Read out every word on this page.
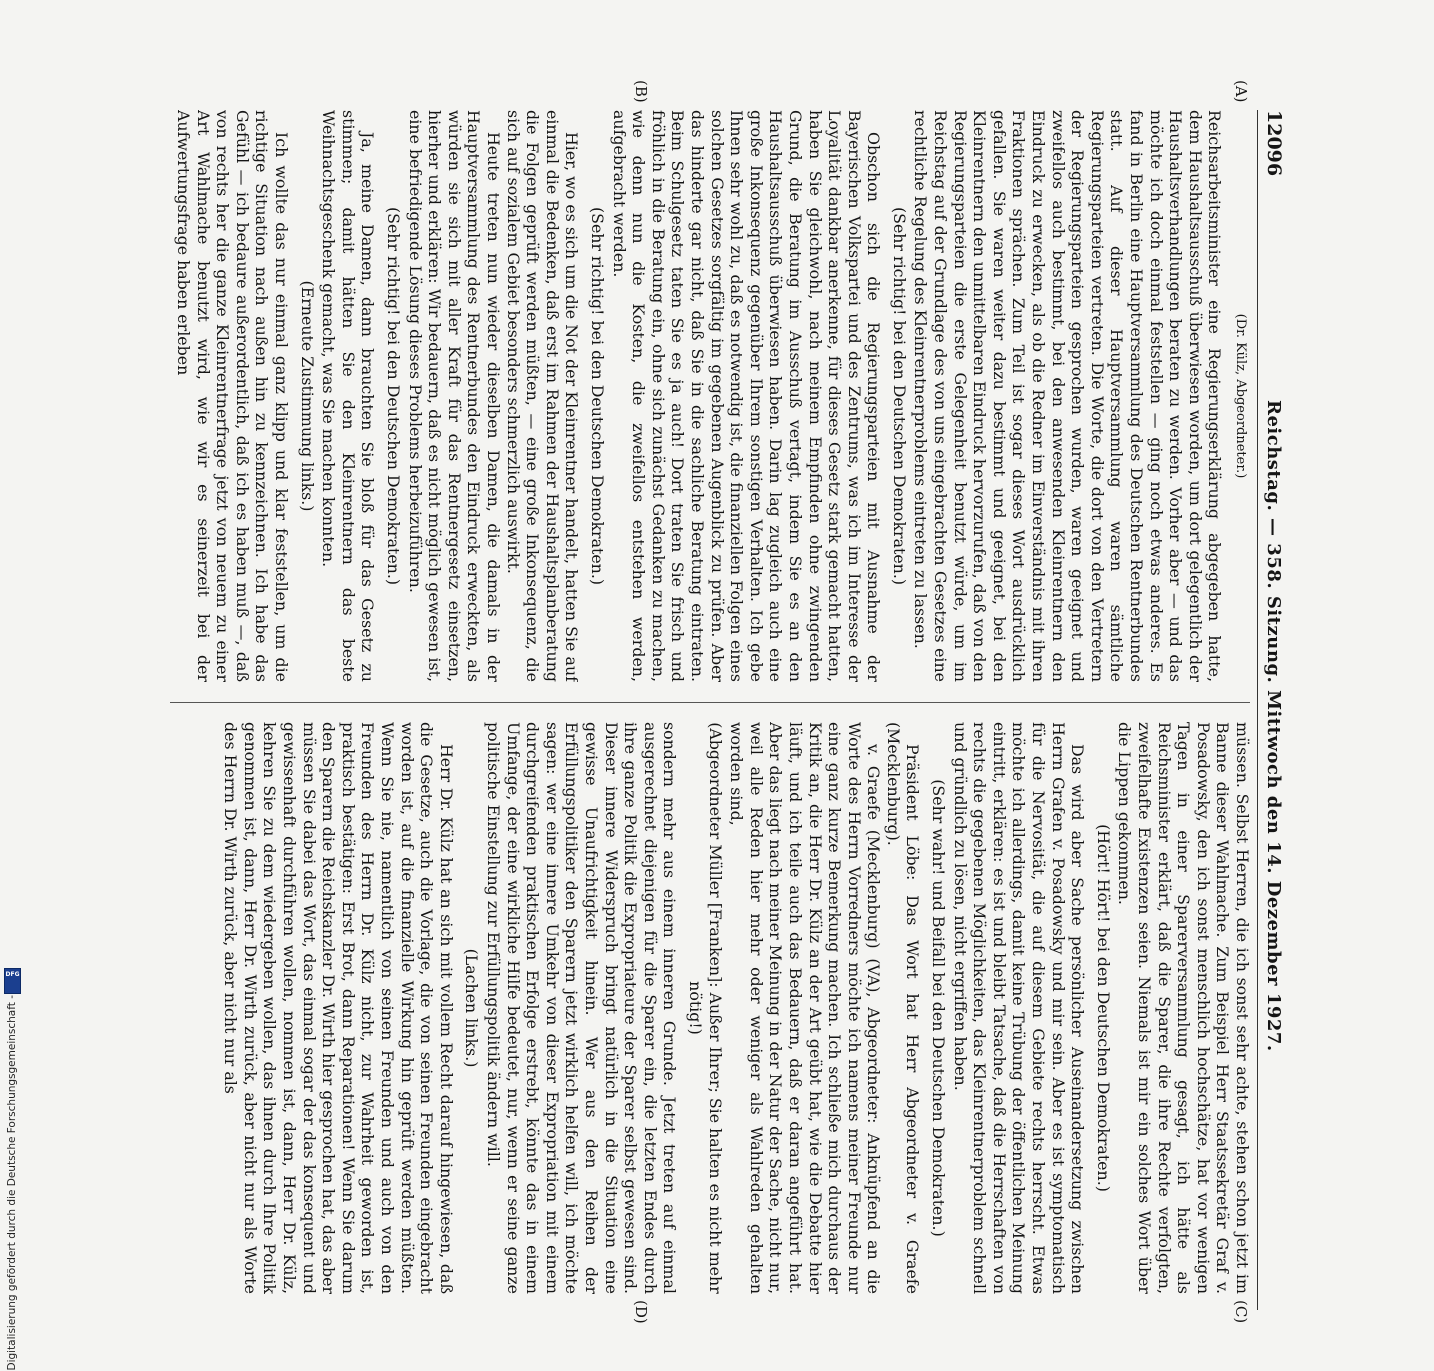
DFG
Digitalisierung gefördert durch die Deutsche Forschungsgemeinschaft -
12096
Reichstag. — 358. Sitzung. Mittwoch den 14. Dezember 1927.
(A)
(B)
(C)
(D)

(Dr. Külz, Abgeordneter.)

Reichsarbeitsminister eine Regierungserklärung abgegeben hatte, dem Haushaltsausschuß überwiesen worden, um dort gelegentlich der Haushaltsverhandlungen beraten zu werden. Vorher aber — und das möchte ich doch einmal feststellen — ging noch etwas anderes. Es fand in Berlin eine Hauptversammlung des Deutschen Rentnerbundes statt. Auf dieser Hauptversammlung waren sämtliche Regierungsparteien vertreten. Die Worte, die dort von den Vertretern der Regierungsparteien gesprochen wurden, waren geeignet und zweifellos auch bestimmt, bei den anwesenden Kleinrentnern den Eindruck zu erwecken, als ob die Redner im Einverständnis mit ihren Fraktionen sprächen. Zum Teil ist sogar dieses Wort ausdrücklich gefallen. Sie waren weiter dazu bestimmt und geeignet, bei den Kleinrentnern den unmittelbaren Eindruck hervorzurufen, daß von den Regierungsparteien die erste Gelegenheit benutzt würde, um im Reichstag auf der Grundlage des von uns eingebrachten Gesetzes eine rechtliche Regelung des Kleinrentnerproblems eintreten zu lassen.

(Sehr richtig! bei den Deutschen Demokraten.)

Obschon sich die Regierungsparteien mit Ausnahme der Bayerischen Volkspartei und des Zentrums, was ich im Interesse der Loyalität dankbar anerkenne, für dieses Gesetz stark gemacht hatten, haben Sie gleichwohl, nach meinem Empfinden ohne zwingenden Grund, die Beratung im Ausschuß vertagt, indem Sie es an den Haushaltsausschuß überwiesen haben. Darin lag zugleich auch eine große Inkonsequenz gegenüber Ihrem sonstigen Verhalten. Ich gebe Ihnen sehr wohl zu, daß es notwendig ist, die finanziellen Folgen eines solchen Gesetzes sorgfältig im gegebenen Augenblick zu prüfen. Aber das hinderte gar nicht, daß Sie in die sachliche Beratung eintraten. Beim Schulgesetz taten Sie es ja auch! Dort traten Sie frisch und fröhlich in die Beratung ein, ohne sich zunächst Gedanken zu machen, wie denn nun die Kosten, die zweifellos entstehen werden, aufgebracht werden.

(Sehr richtig! bei den Deutschen Demokraten.)

Hier, wo es sich um die Not der Kleinrentner handelt, hatten Sie auf einmal die Bedenken, daß erst im Rahmen der Haushaltsplanberatung die Folgen geprüft werden müßten, — eine große Inkonsequenz, die sich auf sozialem Gebiet besonders schmerzlich auswirkt.

Heute treten nun wieder dieselben Damen, die damals in der Hauptversammlung des Rentnerbundes den Eindruck erweckten, als würden sie sich mit aller Kraft für das Rentnergesetz einsetzen, hierher und erklären: Wir bedauern, daß es nicht möglich gewesen ist, eine befriedigende Lösung dieses Problems herbeizuführen.

(Sehr richtig! bei den Deutschen Demokraten.)

Ja, meine Damen, dann brauchten Sie bloß für das Gesetz zu stimmen; damit hätten Sie den Kleinrentnern das beste Weihnachtsgeschenk gemacht, was Sie machen konnten.

(Erneute Zustimmung links.)

Ich wollte das nur einmal ganz klipp und klar feststellen, um die richtige Situation nach außen hin zu kennzeichnen. Ich habe das Gefühl — ich bedaure außerordentlich, daß ich es haben muß —, daß von rechts her die ganze Kleinrentnerfrage jetzt von neuem zu einer Art Wahlmache benutzt wird, wie wir es seinerzeit bei der Aufwertungsfrage haben erleben

müssen. Selbst Herren, die ich sonst sehr achte, stehen schon jetzt im Banne dieser Wahlmache. Zum Beispiel Herr Staatssekretär Graf v. Posadowsky, den ich sonst menschlich hochschätze, hat vor wenigen Tagen in einer Sparerversammlung gesagt, ich hätte als Reichsminister erklärt, daß die Sparer, die ihre Rechte verfolgten, zweifelhafte Existenzen seien. Niemals ist mir ein solches Wort über die Lippen gekommen.

(Hört! Hört! bei den Deutschen Demokraten.)

Das wird aber Sache persönlicher Auseinandersetzung zwischen Herrn Grafen v. Posadowsky und mir sein. Aber es ist symptomatisch für die Nervosität, die auf diesem Gebiete rechts herrscht. Etwas möchte ich allerdings, damit keine Trübung der öffentlichen Meinung eintritt, erklären: es ist und bleibt Tatsache, daß die Herrschaften von rechts die gegebenen Möglichkeiten, das Kleinrentnerproblem schnell und gründlich zu lösen, nicht ergriffen haben.

(Sehr wahr! und Beifall bei den Deutschen Demokraten.)

Präsident Löbe: Das Wort hat Herr Abgeordneter v. Graefe (Mecklenburg).

v. Graefe (Mecklenburg) (VA), Abgeordneter: Anknüpfend an die Worte des Herrn Vorredners möchte ich namens meiner Freunde nur eine ganz kurze Bemerkung machen. Ich schließe mich durchaus der Kritik an, die Herr Dr. Külz an der Art geübt hat, wie die Debatte hier läuft, und ich teile auch das Bedauern, daß er daran angeführt hat. Aber das liegt nach meiner Meinung in der Natur der Sache, nicht nur, weil alle Reden hier mehr oder weniger als Wahlreden gehalten worden sind,

(Abgeordneter Müller [Franken]: Außer Ihrer; Sie halten es nicht mehr nötig!)

sondern mehr aus einem inneren Grunde. Jetzt treten auf einmal ausgerechnet diejenigen für die Sparer ein, die letzten Endes durch ihre ganze Politik die Expropriateure der Sparer selbst gewesen sind. Dieser innere Widerspruch bringt natürlich in die Situation eine gewisse Unaufrichtigkeit hinein. Wer aus den Reihen der Erfüllungspolitiker den Sparern jetzt wirklich helfen will, ich möchte sagen: wer eine innere Umkehr von dieser Expropriation mit einem durchgreifenden praktischen Erfolge erstrebt, könnte das in einem Umfange, der eine wirkliche Hilfe bedeutet, nur, wenn er seine ganze politische Einstellung zur Erfüllungspolitik ändern will.

(Lachen links.)

Herr Dr. Külz hat an sich mit vollem Recht darauf hingewiesen, daß die Gesetze, auch die Vorlage, die von seinen Freunden eingebracht worden ist, auf die finanzielle Wirkung hin geprüft werden müßten. Wenn Sie nie, namentlich von seinen Freunden und auch von den Freunden des Herrn Dr. Külz nicht, zur Wahrheit geworden ist, praktisch bestätigen: Erst Brot, dann Reparationen! Wenn Sie darum den Sparern die Reichskanzler Dr. Wirth hier gesprochen hat, das aber müssen Sie dabei das Wort, das einmal sogar der das konsequent und gewissenhaft durchführen wollen, nommen ist, dann, Herr Dr. Külz, kehren Sie zu dem wiedergeben wollen, das ihnen durch Ihre Politik genommen ist, dann, Herr Dr. Wirth zurück, aber nicht nur als Worte des Herrn Dr. Wirth zurück, aber nicht nur als
